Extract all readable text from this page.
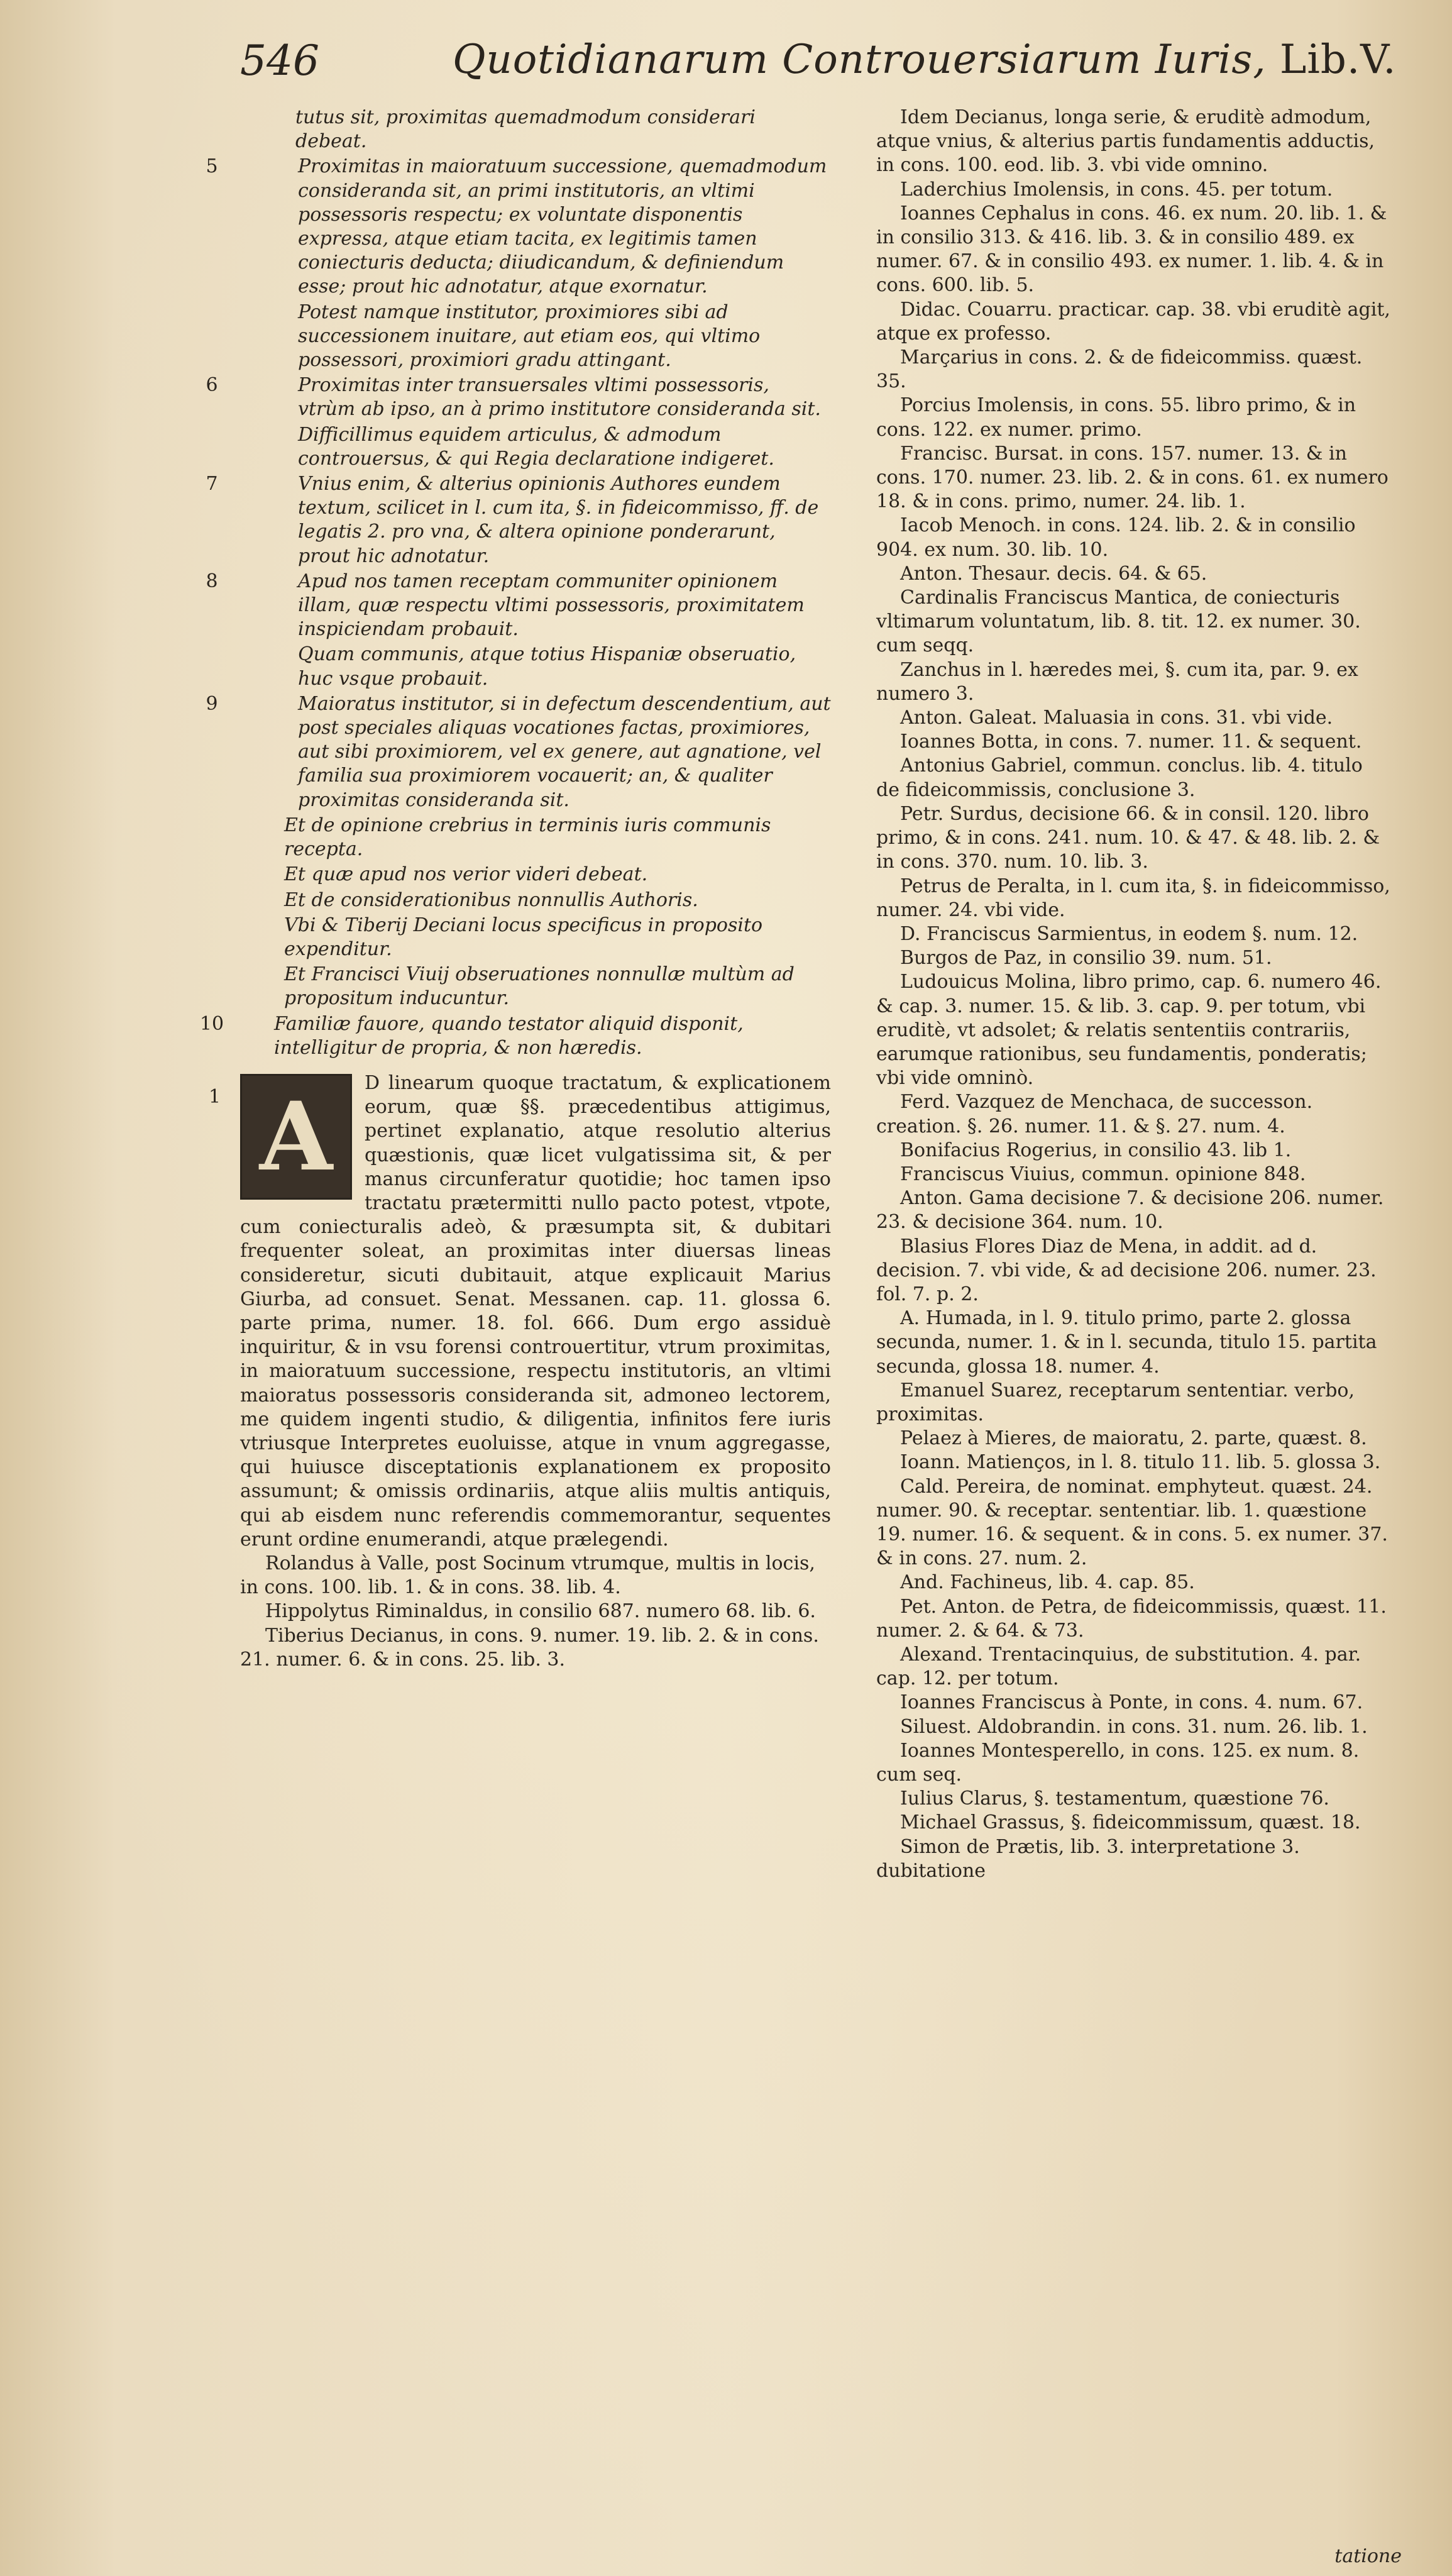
546	Quotidianarum Controuersiarum Iuris, Lib.V.
tutus sit, proximitas quemadmodum considerari debeat.
5	Proximitas in maioratuum successione, quemadmodum consideranda sit, an primi institutoris, an vltimi possessoris respectu; ex voluntate disponentis expressa, atque etiam tacita, ex legitimis tamen coniecturis deducta; diiudicandum, & definiendum esse; prout hic adnotatur, atque exornatur.
Potest namque institutor, proximiores sibi ad successionem inuitare, aut etiam eos, qui vltimo possessori, proximiori gradu attingant.
6	Proximitas inter transuersales vltimi possessoris, vtrùm ab ipso, an à primo institutore consideranda sit.
Difficillimus equidem articulus, & admodum controuersus, & qui Regia declaratione indigeret.
7	Vnius enim, & alterius opinionis Authores eundem textum, scilicet in l. cum ita, §. in fideicommisso, ff. de legatis 2. pro vna, & altera opinione ponderarunt, prout hic adnotatur.
8	Apud nos tamen receptam communiter opinionem illam, quæ respectu vltimi possessoris, proximitatem inspiciendam probauit.
Quam communis, atque totius Hispaniæ obseruatio, huc vsque probauit.
9	Maioratus institutor, si in defectum descendentium, aut post speciales aliquas vocationes factas, proximiores, aut sibi proximiorem, vel ex genere, aut agnatione, vel familia sua proximiorem vocauerit; an, & qualiter proximitas consideranda sit.
Et de opinione crebrius in terminis iuris communis recepta.
Et quæ apud nos verior videri debeat.
Et de considerationibus nonnullis Authoris.
Vbi & Tiberij Deciani locus specificus in proposito expenditur.
Et Francisci Viuij obseruationes nonnullæ multùm ad propositum inducuntur.
10	Familiæ fauore, quando testator aliquid disponit, intelligitur de propria, & non hæredis.
1 A	D linearum quoque tractatum, & explicationem eorum, quæ §§. præcedentibus attigimus, pertinet explanatio, atque resolutio alterius quæstionis, quæ licet vulgatissima sit, & per manus circunferatur quotidie; hoc tamen ipso tractatu prætermitti nullo pacto potest, vtpote, cum coniecturalis adeò, & præsumpta sit, & dubitari frequenter soleat, an proximitas inter diuersas lineas consideretur, sicuti dubitauit, atque explicauit Marius Giurba, ad consuet. Senat. Messanen. cap. 11. glossa 6. parte prima, numer. 18. fol. 666. Dum ergo assiduè inquiritur, & in vsu forensi controuertitur, vtrum proximitas, in maioratuum successione, respectu institutoris, an vltimi maioratus possessoris consideranda sit, admoneo lectorem, me quidem ingenti studio, & diligentia, infinitos fere iuris vtriusque Interpretes euoluisse, atque in vnum aggregasse, qui huiusce disceptationis explanationem ex proposito assumunt; & omissis ordinariis, atque aliis multis antiquis, qui ab eisdem nunc referendis commemorantur, sequentes erunt ordine enumerandi, atque prælegendi.
Rolandus à Valle, post Socinum vtrumque, multis in locis, in cons. 100. lib. 1. & in cons. 38. lib. 4.
Hippolytus Riminaldus, in consilio 687. numero 68. lib. 6.
Tiberius Decianus, in cons. 9. numer. 19. lib. 2. & in cons. 21. numer. 6. & in cons. 25. lib. 3.
Idem Decianus, longa serie, & eruditè admodum, atque vnius, & alterius partis fundamentis adductis, in cons. 100. eod. lib. 3. vbi vide omnino.
Laderchius Imolensis, in cons. 45. per totum.
Ioannes Cephalus in cons. 46. ex num. 20. lib. 1. & in consilio 313. & 416. lib. 3. & in consilio 489. ex numer. 67. & in consilio 493. ex numer. 1. lib. 4. & in cons. 600. lib. 5.
Didac. Couarru. practicar. cap. 38. vbi eruditè agit, atque ex professo.
Marçarius in cons. 2. & de fideicommiss. quæst. 35.
Porcius Imolensis, in cons. 55. libro primo, & in cons. 122. ex numer. primo.
Francisc. Bursat. in cons. 157. numer. 13. & in cons. 170. numer. 23. lib. 2. & in cons. 61. ex numero 18. & in cons. primo, numer. 24. lib. 1.
Iacob Menoch. in cons. 124. lib. 2. & in consilio 904. ex num. 30. lib. 10.
Anton. Thesaur. decis. 64. & 65.
Cardinalis Franciscus Mantica, de coniecturis vltimarum voluntatum, lib. 8. tit. 12. ex numer. 30. cum seqq.
Zanchus in l. hæredes mei, §. cum ita, par. 9. ex numero 3.
Anton. Galeat. Maluasia in cons. 31. vbi vide.
Ioannes Botta, in cons. 7. numer. 11. & sequent.
Antonius Gabriel, commun. conclus. lib. 4. titulo de fideicommissis, conclusione 3.
Petr. Surdus, decisione 66. & in consil. 120. libro primo, & in cons. 241. num. 10. & 47. & 48. lib. 2. & in cons. 370. num. 10. lib. 3.
Petrus de Peralta, in l. cum ita, §. in fideicommisso, numer. 24. vbi vide.
D. Franciscus Sarmientus, in eodem §. num. 12.
Burgos de Paz, in consilio 39. num. 51.
Ludouicus Molina, libro primo, cap. 6. numero 46. & cap. 3. numer. 15. & lib. 3. cap. 9. per totum, vbi eruditè, vt adsolet; & relatis sententiis contrariis, earumque rationibus, seu fundamentis, ponderatis; vbi vide omninò.
Ferd. Vazquez de Menchaca, de successon. creation. §. 26. numer. 11. & §. 27. num. 4.
Bonifacius Rogerius, in consilio 43. lib 1.
Franciscus Viuius, commun. opinione 848.
Anton. Gama decisione 7. & decisione 206. numer. 23. & decisione 364. num. 10.
Blasius Flores Diaz de Mena, in addit. ad d. decision. 7. vbi vide, & ad decisione 206. numer. 23. fol. 7. p. 2.
A. Humada, in l. 9. titulo primo, parte 2. glossa secunda, numer. 1. & in l. secunda, titulo 15. partita secunda, glossa 18. numer. 4.
Emanuel Suarez, receptarum sententiar. verbo, proximitas.
Pelaez à Mieres, de maioratu, 2. parte, quæst. 8.
Ioann. Matienços, in l. 8. titulo 11. lib. 5. glossa 3.
Cald. Pereira, de nominat. emphyteut. quæst. 24. numer. 90. & receptar. sententiar. lib. 1. quæstione 19. numer. 16. & sequent. & in cons. 5. ex numer. 37. & in cons. 27. num. 2.
And. Fachineus, lib. 4. cap. 85.
Pet. Anton. de Petra, de fideicommissis, quæst. 11. numer. 2. & 64. & 73.
Alexand. Trentacinquius, de substitution. 4. par. cap. 12. per totum.
Ioannes Franciscus à Ponte, in cons. 4. num. 67.
Siluest. Aldobrandin. in cons. 31. num. 26. lib. 1.
Ioannes Montesperello, in cons. 125. ex num. 8. cum seq.
Iulius Clarus, §. testamentum, quæstione 76.
Michael Grassus, §. fideicommissum, quæst. 18.
Simon de Prætis, lib. 3. interpretatione 3. dubitatione
tatione
